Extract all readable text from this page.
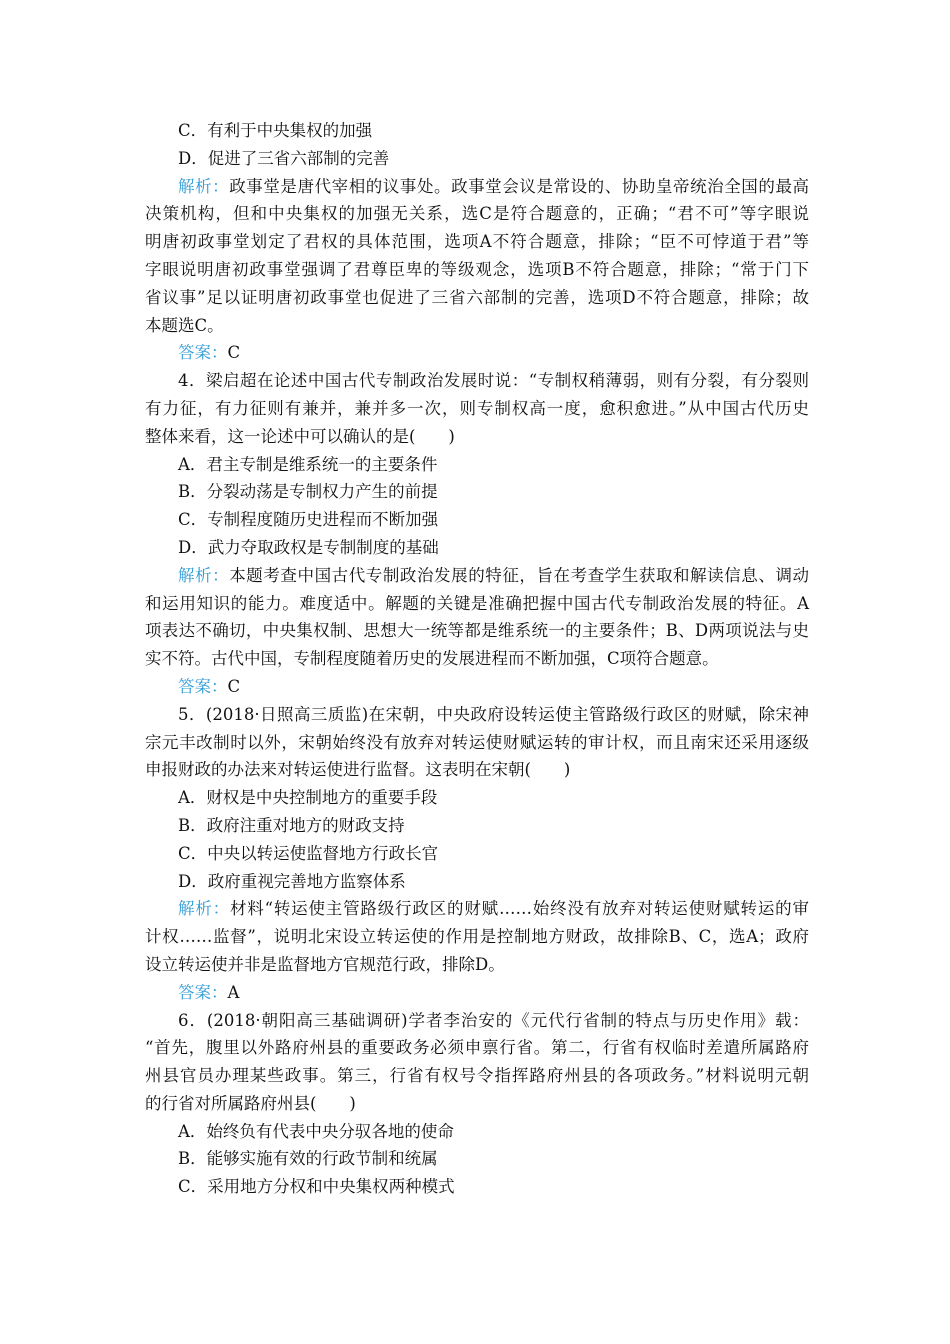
C．有利于中央集权的加强
D．促进了三省六部制的完善
解析：政事堂是唐代宰相的议事处。政事堂会议是常设的、协助皇帝统治全国的最高
决策机构，但和中央集权的加强无关系，选C是符合题意的，正确；“君不可”等字眼说
明唐初政事堂划定了君权的具体范围，选项A不符合题意，排除；“臣不可悖道于君”等
字眼说明唐初政事堂强调了君尊臣卑的等级观念，选项B不符合题意，排除；“常于门下
省议事”足以证明唐初政事堂也促进了三省六部制的完善，选项D不符合题意，排除；故
本题选C。
答案：C
4．梁启超在论述中国古代专制政治发展时说：“专制权稍薄弱，则有分裂，有分裂则
有力征，有力征则有兼并，兼并多一次，则专制权高一度，愈积愈进。”从中国古代历史
整体来看，这一论述中可以确认的是(　　)
A．君主专制是维系统一的主要条件
B．分裂动荡是专制权力产生的前提
C．专制程度随历史进程而不断加强
D．武力夺取政权是专制制度的基础
解析：本题考查中国古代专制政治发展的特征，旨在考查学生获取和解读信息、调动
和运用知识的能力。难度适中。解题的关键是准确把握中国古代专制政治发展的特征。A
项表达不确切，中央集权制、思想大一统等都是维系统一的主要条件；B、D两项说法与史
实不符。古代中国，专制程度随着历史的发展进程而不断加强，C项符合题意。
答案：C
5．(2018·日照高三质监)在宋朝，中央政府设转运使主管路级行政区的财赋，除宋神
宗元丰改制时以外，宋朝始终没有放弃对转运使财赋运转的审计权，而且南宋还采用逐级
申报财政的办法来对转运使进行监督。这表明在宋朝(　　)
A．财权是中央控制地方的重要手段
B．政府注重对地方的财政支持
C．中央以转运使监督地方行政长官
D．政府重视完善地方监察体系
解析：材料“转运使主管路级行政区的财赋……始终没有放弃对转运使财赋转运的审
计权……监督”，说明北宋设立转运使的作用是控制地方财政，故排除B、C，选A；政府
设立转运使并非是监督地方官规范行政，排除D。
答案：A
6．(2018·朝阳高三基础调研)学者李治安的《元代行省制的特点与历史作用》载：
“首先，腹里以外路府州县的重要政务必须申禀行省。第二，行省有权临时差遣所属路府
州县官员办理某些政事。第三，行省有权号令指挥路府州县的各项政务。”材料说明元朝
的行省对所属路府州县(　　)
A．始终负有代表中央分驭各地的使命
B．能够实施有效的行政节制和统属
C．采用地方分权和中央集权两种模式
